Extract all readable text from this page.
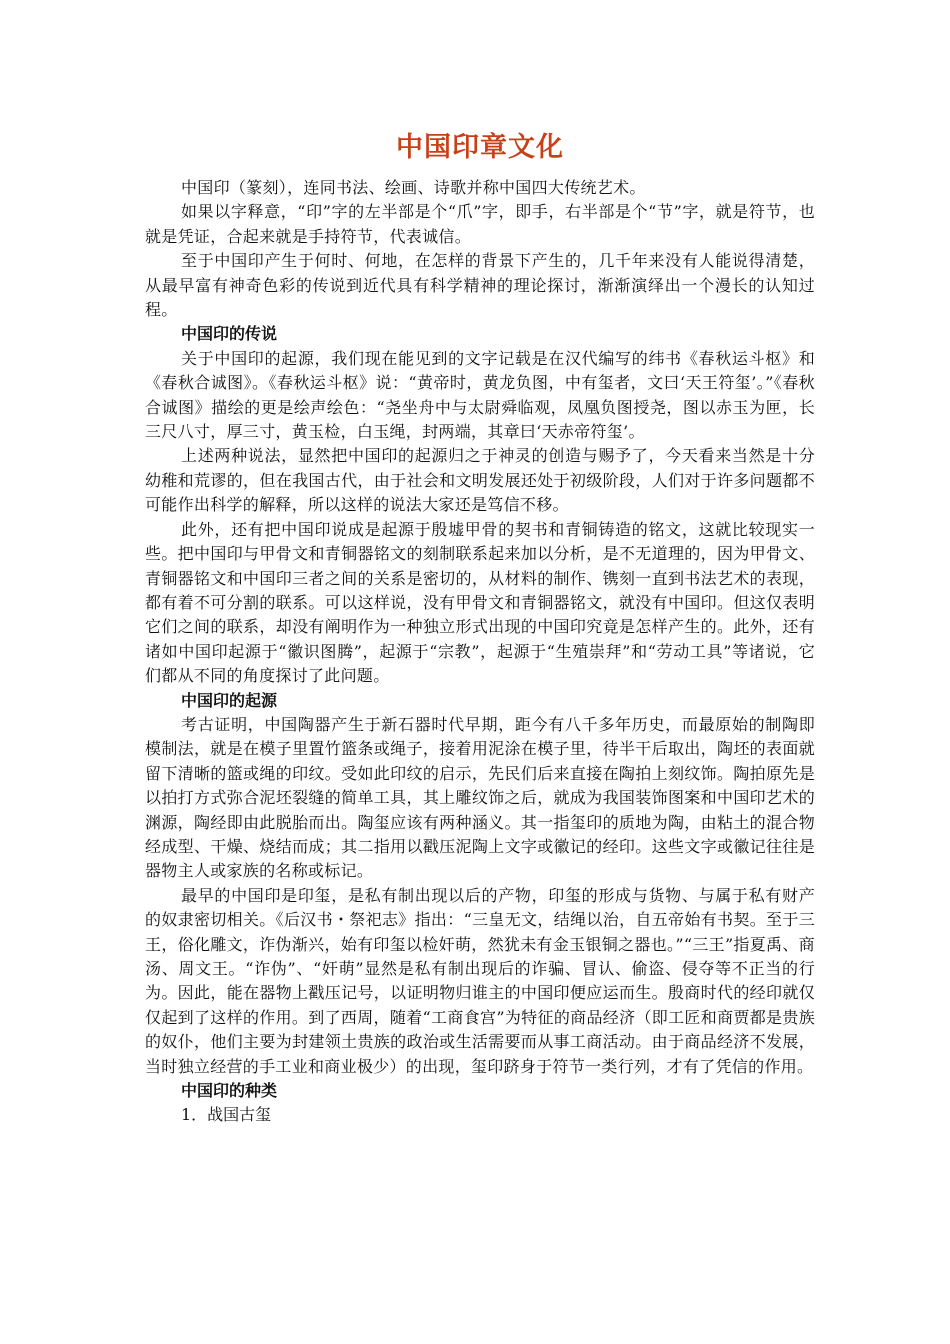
中国印章文化

中国印（篆刻），连同书法、绘画、诗歌并称中国四大传统艺术。

如果以字释意，“印”字的左半部是个“爪”字，即手，右半部是个“节”字，就是符节，也就是凭证，合起来就是手持符节，代表诚信。

至于中国印产生于何时、何地，在怎样的背景下产生的，几千年来没有人能说得清楚，从最早富有神奇色彩的传说到近代具有科学精神的理论探讨，渐渐演绎出一个漫长的认知过程。

中国印的传说

关于中国印的起源，我们现在能见到的文字记载是在汉代编写的纬书《春秋运斗枢》和《春秋合诚图》。《春秋运斗枢》说：“黄帝时，黄龙负图，中有玺者，文曰‘天王符玺’。”《春秋合诚图》描绘的更是绘声绘色：“尧坐舟中与太尉舜临观，凤凰负图授尧，图以赤玉为匣，长三尺八寸，厚三寸，黄玉检，白玉绳，封两端，其章曰‘天赤帝符玺’。

上述两种说法，显然把中国印的起源归之于神灵的创造与赐予了，今天看来当然是十分幼稚和荒谬的，但在我国古代，由于社会和文明发展还处于初级阶段，人们对于许多问题都不可能作出科学的解释，所以这样的说法大家还是笃信不移。

此外，还有把中国印说成是起源于殷墟甲骨的契书和青铜铸造的铭文，这就比较现实一些。把中国印与甲骨文和青铜器铭文的刻制联系起来加以分析，是不无道理的，因为甲骨文、青铜器铭文和中国印三者之间的关系是密切的，从材料的制作、镌刻一直到书法艺术的表现，都有着不可分割的联系。可以这样说，没有甲骨文和青铜器铭文，就没有中国印。但这仅表明它们之间的联系，却没有阐明作为一种独立形式出现的中国印究竟是怎样产生的。此外，还有诸如中国印起源于“徽识图腾”，起源于“宗教”，起源于“生殖崇拜”和“劳动工具”等诸说，它们都从不同的角度探讨了此问题。

中国印的起源

考古证明，中国陶器产生于新石器时代早期，距今有八千多年历史，而最原始的制陶即模制法，就是在模子里置竹篮条或绳子，接着用泥涂在模子里，待半干后取出，陶坯的表面就留下清晰的篮或绳的印纹。受如此印纹的启示，先民们后来直接在陶拍上刻纹饰。陶拍原先是以拍打方式弥合泥坯裂缝的简单工具，其上雕纹饰之后，就成为我国装饰图案和中国印艺术的渊源，陶经即由此脱胎而出。陶玺应该有两种涵义。其一指玺印的质地为陶，由粘土的混合物经成型、干燥、烧结而成；其二指用以戳压泥陶上文字或徽记的经印。这些文字或徽记往往是器物主人或家族的名称或标记。

最早的中国印是印玺，是私有制出现以后的产物，印玺的形成与货物、与属于私有财产的奴隶密切相关。《后汉书・祭祀志》指出：“三皇无文，结绳以治，自五帝始有书契。至于三王，俗化雕文，诈伪渐兴，始有印玺以检奸萌，然犹未有金玉银铜之器也。”“三王”指夏禹、商汤、周文王。“诈伪”、“奸萌”显然是私有制出现后的诈骗、冒认、偷盗、侵夺等不正当的行为。因此，能在器物上戳压记号，以证明物归谁主的中国印便应运而生。殷商时代的经印就仅仅起到了这样的作用。到了西周，随着“工商食宫”为特征的商品经济（即工匠和商贾都是贵族的奴仆，他们主要为封建领土贵族的政治或生活需要而从事工商活动。由于商品经济不发展，当时独立经营的手工业和商业极少）的出现，玺印跻身于符节一类行列，才有了凭信的作用。

中国印的种类

1．战国古玺
